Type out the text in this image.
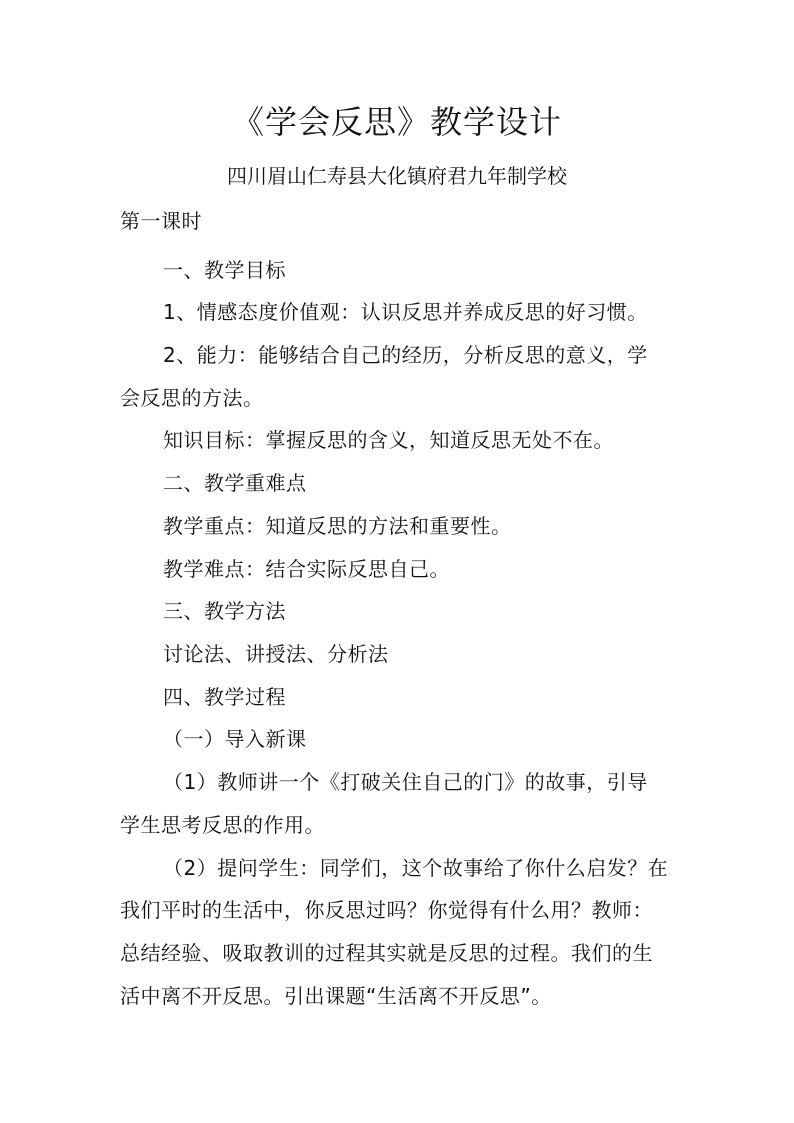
《学会反思》教学设计
四川眉山仁寿县大化镇府君九年制学校
第一课时
一、教学目标
1、情感态度价值观：认识反思并养成反思的好习惯。
2、能力：能够结合自己的经历，分析反思的意义，学
会反思的方法。
知识目标：掌握反思的含义，知道反思无处不在。
二、教学重难点
教学重点：知道反思的方法和重要性。
教学难点：结合实际反思自己。
三、教学方法
讨论法、讲授法、分析法
四、教学过程
（一）导入新课
（1）教师讲一个《打破关住自己的门》的故事，引导
学生思考反思的作用。
（2）提问学生：同学们，这个故事给了你什么启发？在
我们平时的生活中，你反思过吗？你觉得有什么用？教师：
总结经验、吸取教训的过程其实就是反思的过程。我们的生
活中离不开反思。引出课题“生活离不开反思”。
